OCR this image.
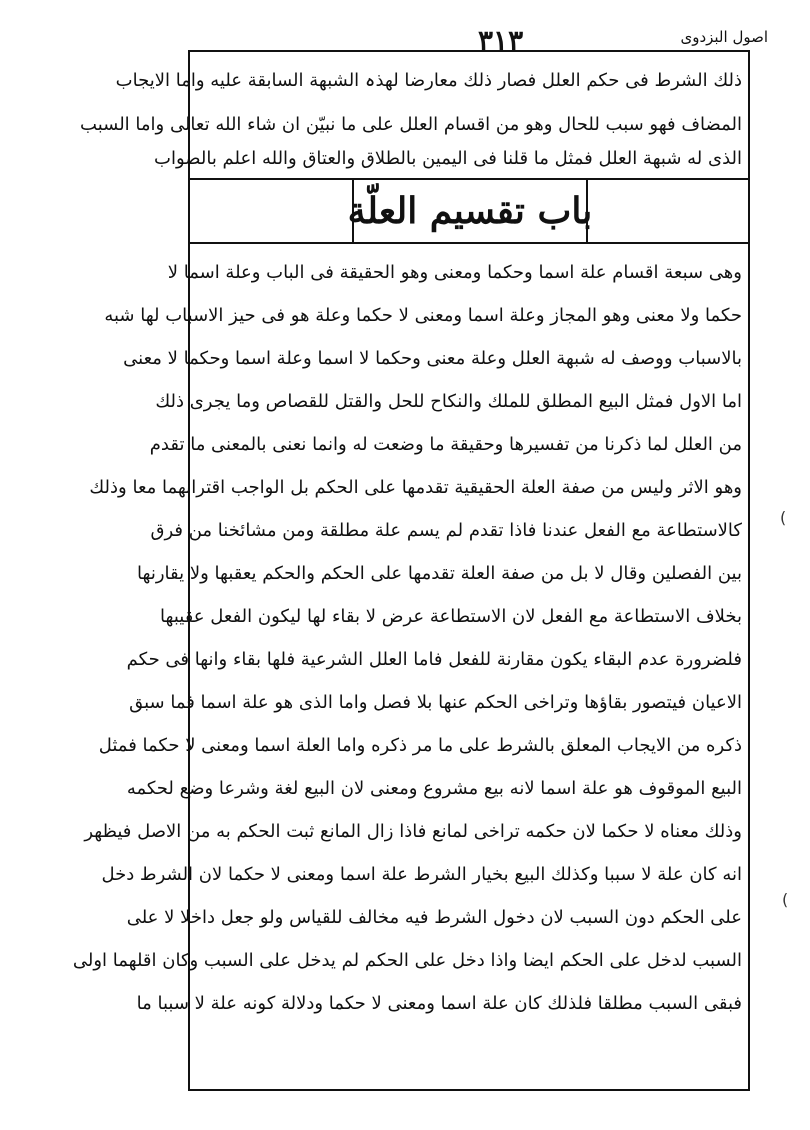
اصول البزدوی
٣١٣
ذلك الشرط فی حکم العلل فصار ذلك معارضا لهذہ الشبهة السابقة علیه واما الایجاب
المضاف فهو سبب للحال وهو من اقسام العلل علی ما نبیّن ان شاء الله تعالی واما السبب
الذی له شبهة العلل فمثل ما قلنا فی الیمین بالطلاق والعتاق والله اعلم بالصواب
باب تقسیم العلّة
وهی سبعة اقسام علة اسما وحکما ومعنی وهو الحقیقة فی الباب وعلة اسما لا
حکما ولا معنی وهو المجاز وعلة اسما ومعنی لا حکما وعلة هو فی حیز الاسباب لها شبه
بالاسباب ووصف له شبهة العلل وعلة معنی وحکما لا اسما وعلة اسما وحکما لا معنی
اما الاول فمثل البیع المطلق للملك والنکاح للحل والقتل للقصاص وما یجری ذلك
من العلل لما ذکرنا من تفسیرها وحقیقة ما وضعت له وانما نعنی بالمعنی ما تقدم
وهو الاثر ولیس من صفة العلة الحقیقیة تقدمها علی الحکم بل الواجب اقترانهما معا وذلك
کالاستطاعة مع الفعل عندنا فاذا تقدم لم یسم علة مطلقة ومن مشائخنا من فرق
بین الفصلین وقال لا بل من صفة العلة تقدمها علی الحکم والحکم یعقبها ولا یقارنها
بخلاف الاستطاعة مع الفعل لان الاستطاعة عرض لا بقاء لها لیکون الفعل عقیبها
فلضرورة عدم البقاء یکون مقارنة للفعل فاما العلل الشرعیة فلها بقاء وانها فی حکم
الاعیان فیتصور بقاؤها وتراخی الحکم عنها بلا فصل واما الذی هو علة اسما فما سبق
ذکره من الایجاب المعلق بالشرط علی ما مر ذکره واما العلة اسما ومعنی لا حکما فمثل
البیع الموقوف هو علة اسما لانه بیع مشروع ومعنی لان البیع لغة وشرعا وضع لحکمه
وذلك معناه لا حکما لان حکمه تراخی لمانع فاذا زال المانع ثبت الحکم به من الاصل فیظهر
انه کان علة لا سببا وکذلك البیع بخیار الشرط علة اسما ومعنی لا حکما لان الشرط دخل
علی الحکم دون السبب لان دخول الشرط فیه مخالف للقیاس ولو جعل داخلا لا علی
السبب لدخل علی الحکم ایضا واذا دخل علی الحکم لم یدخل علی السبب وکان اقلهما اولی
فبقی السبب مطلقا فلذلك کان علة اسما ومعنی لا حکما ودلالة کونه علة لا سببا ما
(
(
